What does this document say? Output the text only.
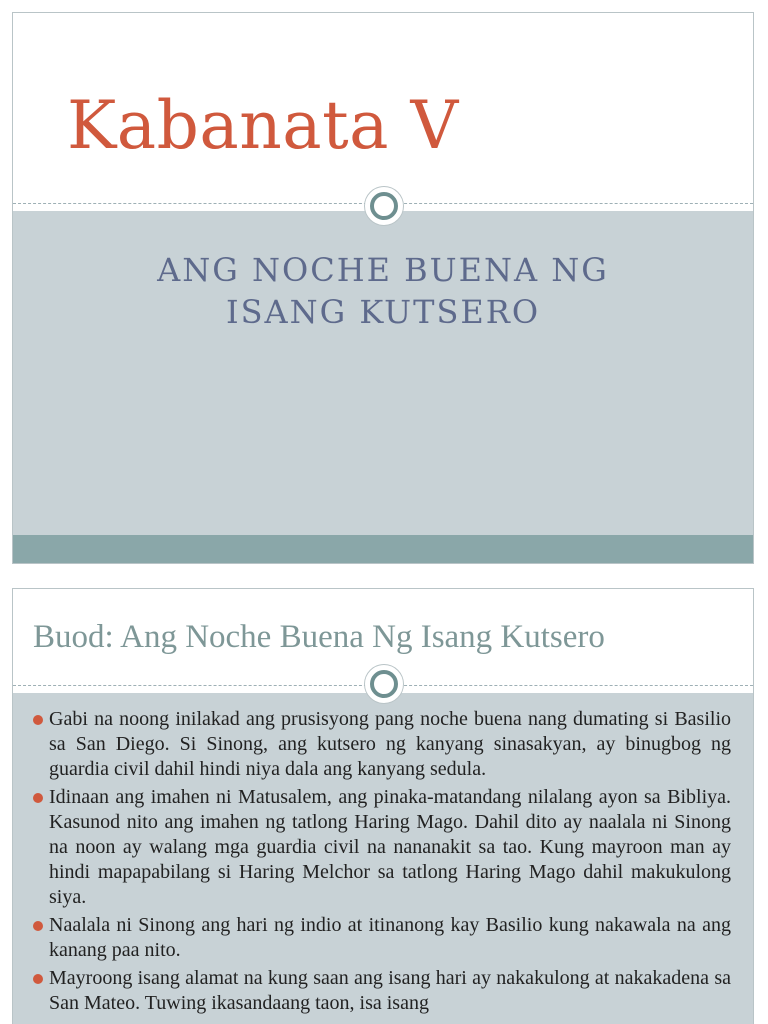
Kabanata V

ANG NOCHE BUENA NG
ISANG KUTSERO

Buod: Ang Noche Buena Ng Isang Kutsero
Gabi na noong inilakad ang prusisyong pang noche buena nang dumating si Basilio sa San Diego. Si Sinong, ang kutsero ng kanyang sinasakyan, ay binugbog ng guardia civil dahil hindi niya dala ang kanyang sedula.
Idinaan ang imahen ni Matusalem, ang pinaka-matandang nilalang ayon sa Bibliya. Kasunod nito ang imahen ng tatlong Haring Mago. Dahil dito ay naalala ni Sinong na noon ay walang mga guardia civil na nananakit sa tao. Kung mayroon man ay hindi mapapabilang si Haring Melchor sa tatlong Haring Mago dahil makukulong siya.
Naalala ni Sinong ang hari ng indio at itinanong kay Basilio kung nakawala na ang kanang paa nito.
Mayroong isang alamat na kung saan ang isang hari ay nakakulong at nakakadena sa San Mateo. Tuwing ikasandaang taon, isa isang
